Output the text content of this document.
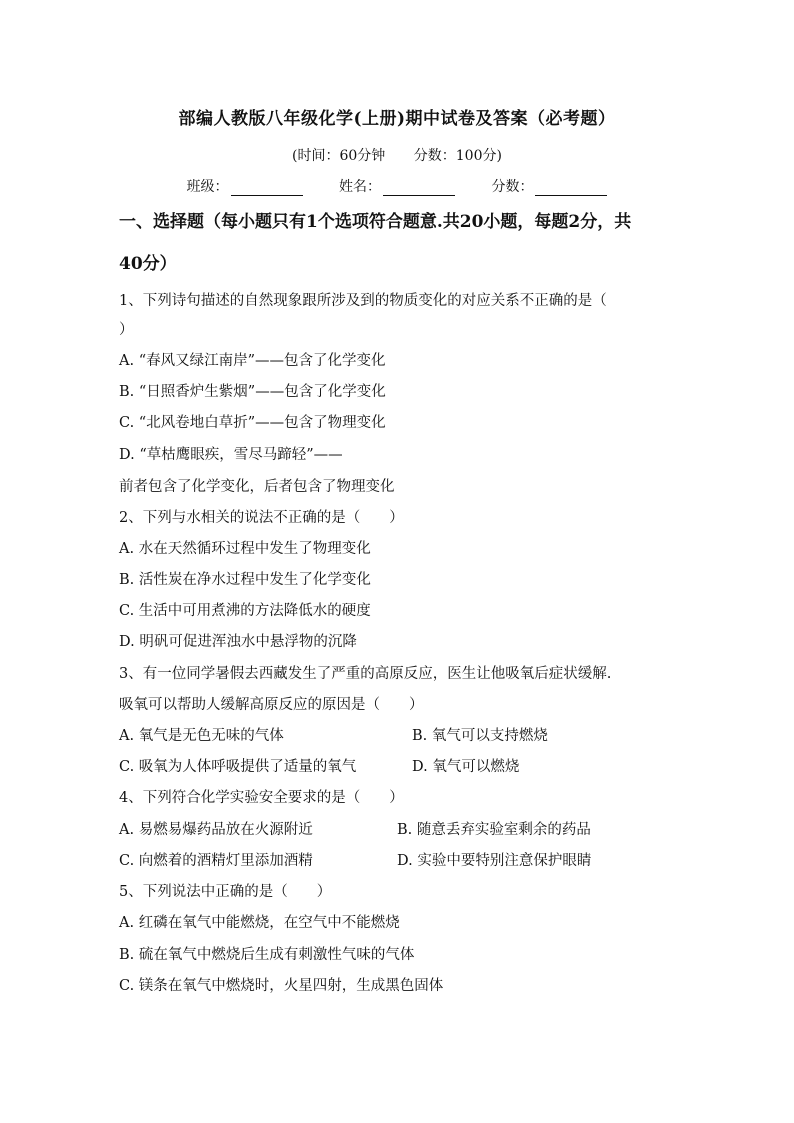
部编人教版八年级化学(上册)期中试卷及答案（必考题）
(时间：60分钟 分数：100分)
班级：	姓名：	分数：
一、选择题（每小题只有1个选项符合题意.共20小题，每题2分，共
40分）
1、下列诗句描述的自然现象跟所涉及到的物质变化的对应关系不正确的是（
）
A. “春风又绿江南岸”——包含了化学变化
B. “日照香炉生紫烟”——包含了化学变化
C. “北风卷地白草折”——包含了物理变化
D. “草枯鹰眼疾，雪尽马蹄轻”——
前者包含了化学变化，后者包含了物理变化
2、下列与水相关的说法不正确的是（　　）
A. 水在天然循环过程中发生了物理变化
B. 活性炭在净水过程中发生了化学变化
C. 生活中可用煮沸的方法降低水的硬度
D. 明矾可促进浑浊水中悬浮物的沉降
3、有一位同学暑假去西藏发生了严重的高原反应，医生让他吸氧后症状缓解.
吸氧可以帮助人缓解高原反应的原因是（　　）
A. 氧气是无色无味的气体	B. 氧气可以支持燃烧
C. 吸氧为人体呼吸提供了适量的氧气	D. 氧气可以燃烧
4、下列符合化学实验安全要求的是（　　）
A. 易燃易爆药品放在火源附近	B. 随意丢弃实验室剩余的药品
C. 向燃着的酒精灯里添加酒精	D. 实验中要特别注意保护眼睛
5、下列说法中正确的是（　　）
A. 红磷在氧气中能燃烧，在空气中不能燃烧
B. 硫在氧气中燃烧后生成有刺激性气味的气体
C. 镁条在氧气中燃烧时，火星四射，生成黑色固体
